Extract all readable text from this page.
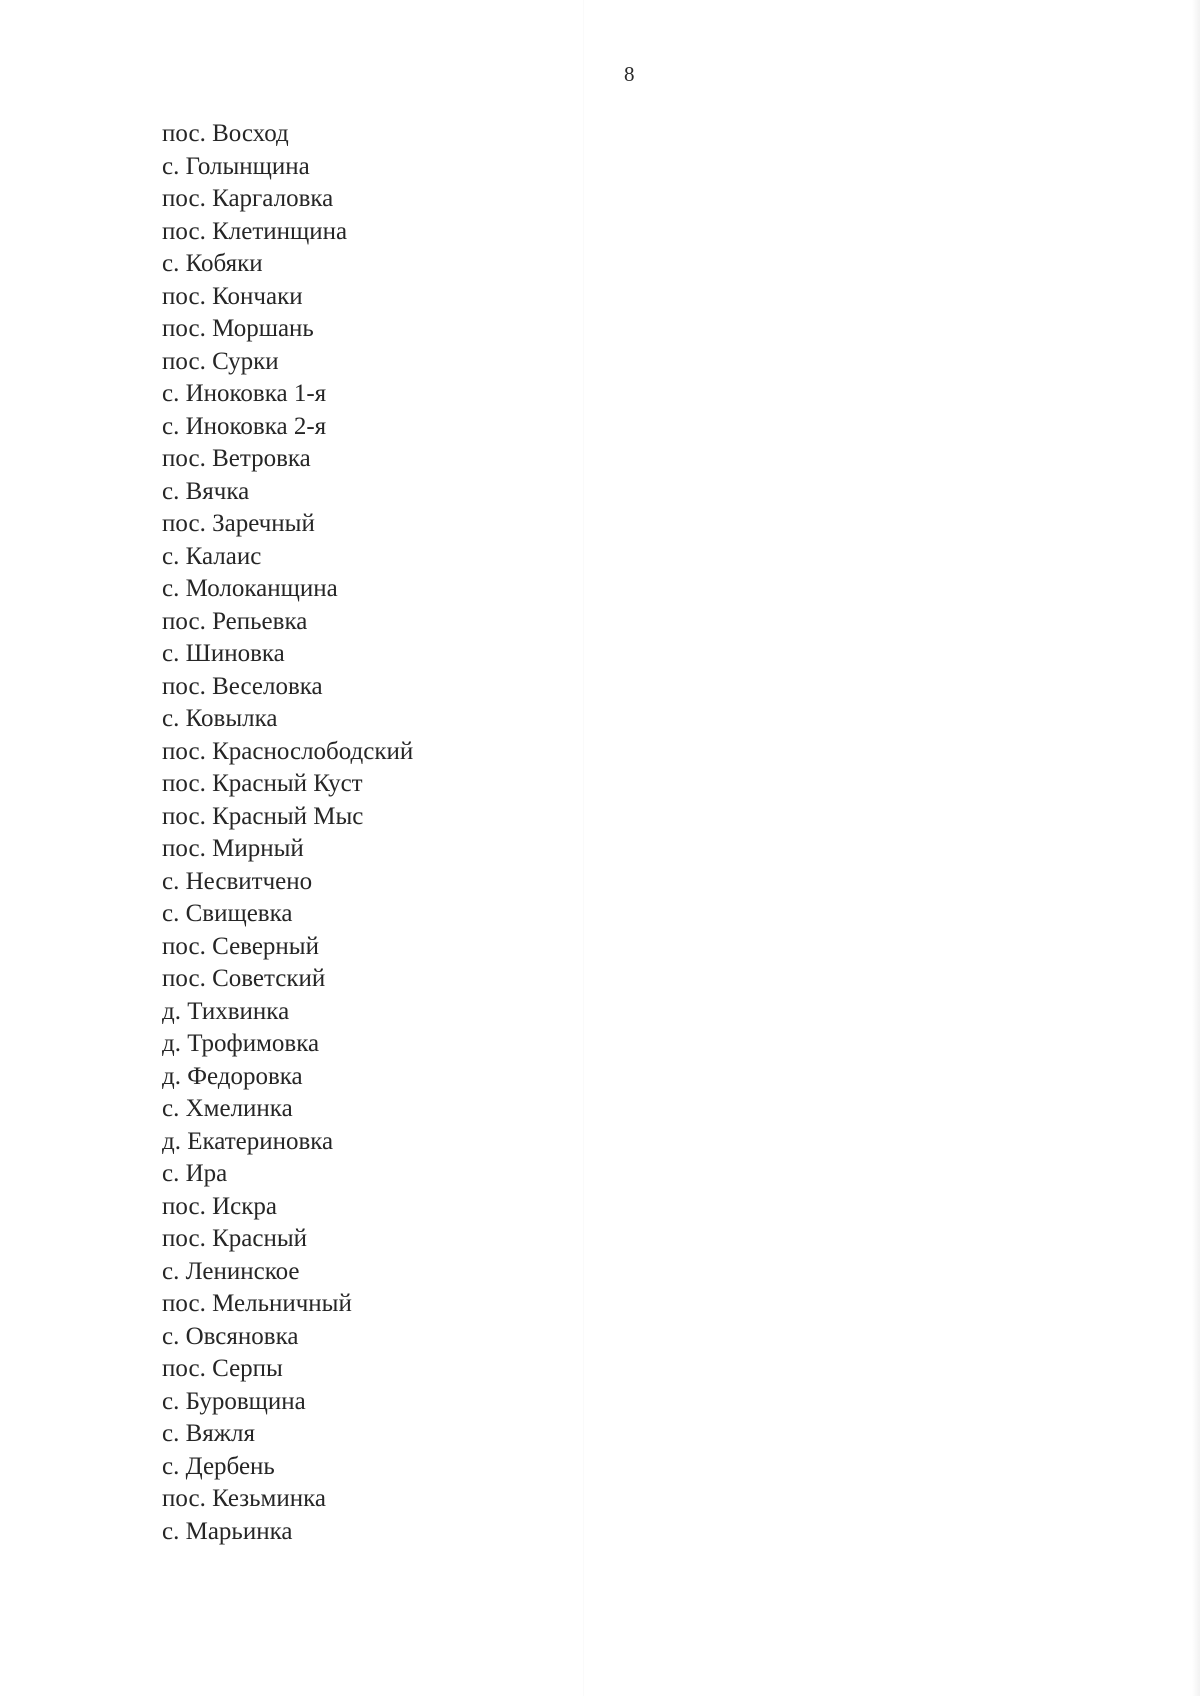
8

пос. Восход
с. Голынщина
пос. Каргаловка
пос. Клетинщина
с. Кобяки
пос. Кончаки
пос. Моршань
пос. Сурки
с. Иноковка 1-я
с. Иноковка 2-я
пос. Ветровка
с. Вячка
пос. Заречный
с. Калаис
с. Молоканщина
пос. Репьевка
с. Шиновка
пос. Веселовка
с. Ковылка
пос. Краснослободский
пос. Красный Куст
пос. Красный Мыс
пос. Мирный
с. Несвитчено
с. Свищевка
пос. Северный
пос. Советский
д. Тихвинка
д. Трофимовка
д. Федоровка
с. Хмелинка
д. Екатериновка
с. Ира
пос. Искра
пос. Красный
с. Ленинское
пос. Мельничный
с. Овсяновка
пос. Серпы
с. Буровщина
с. Вяжля
с. Дербень
пос. Кезьминка
с. Марьинка
